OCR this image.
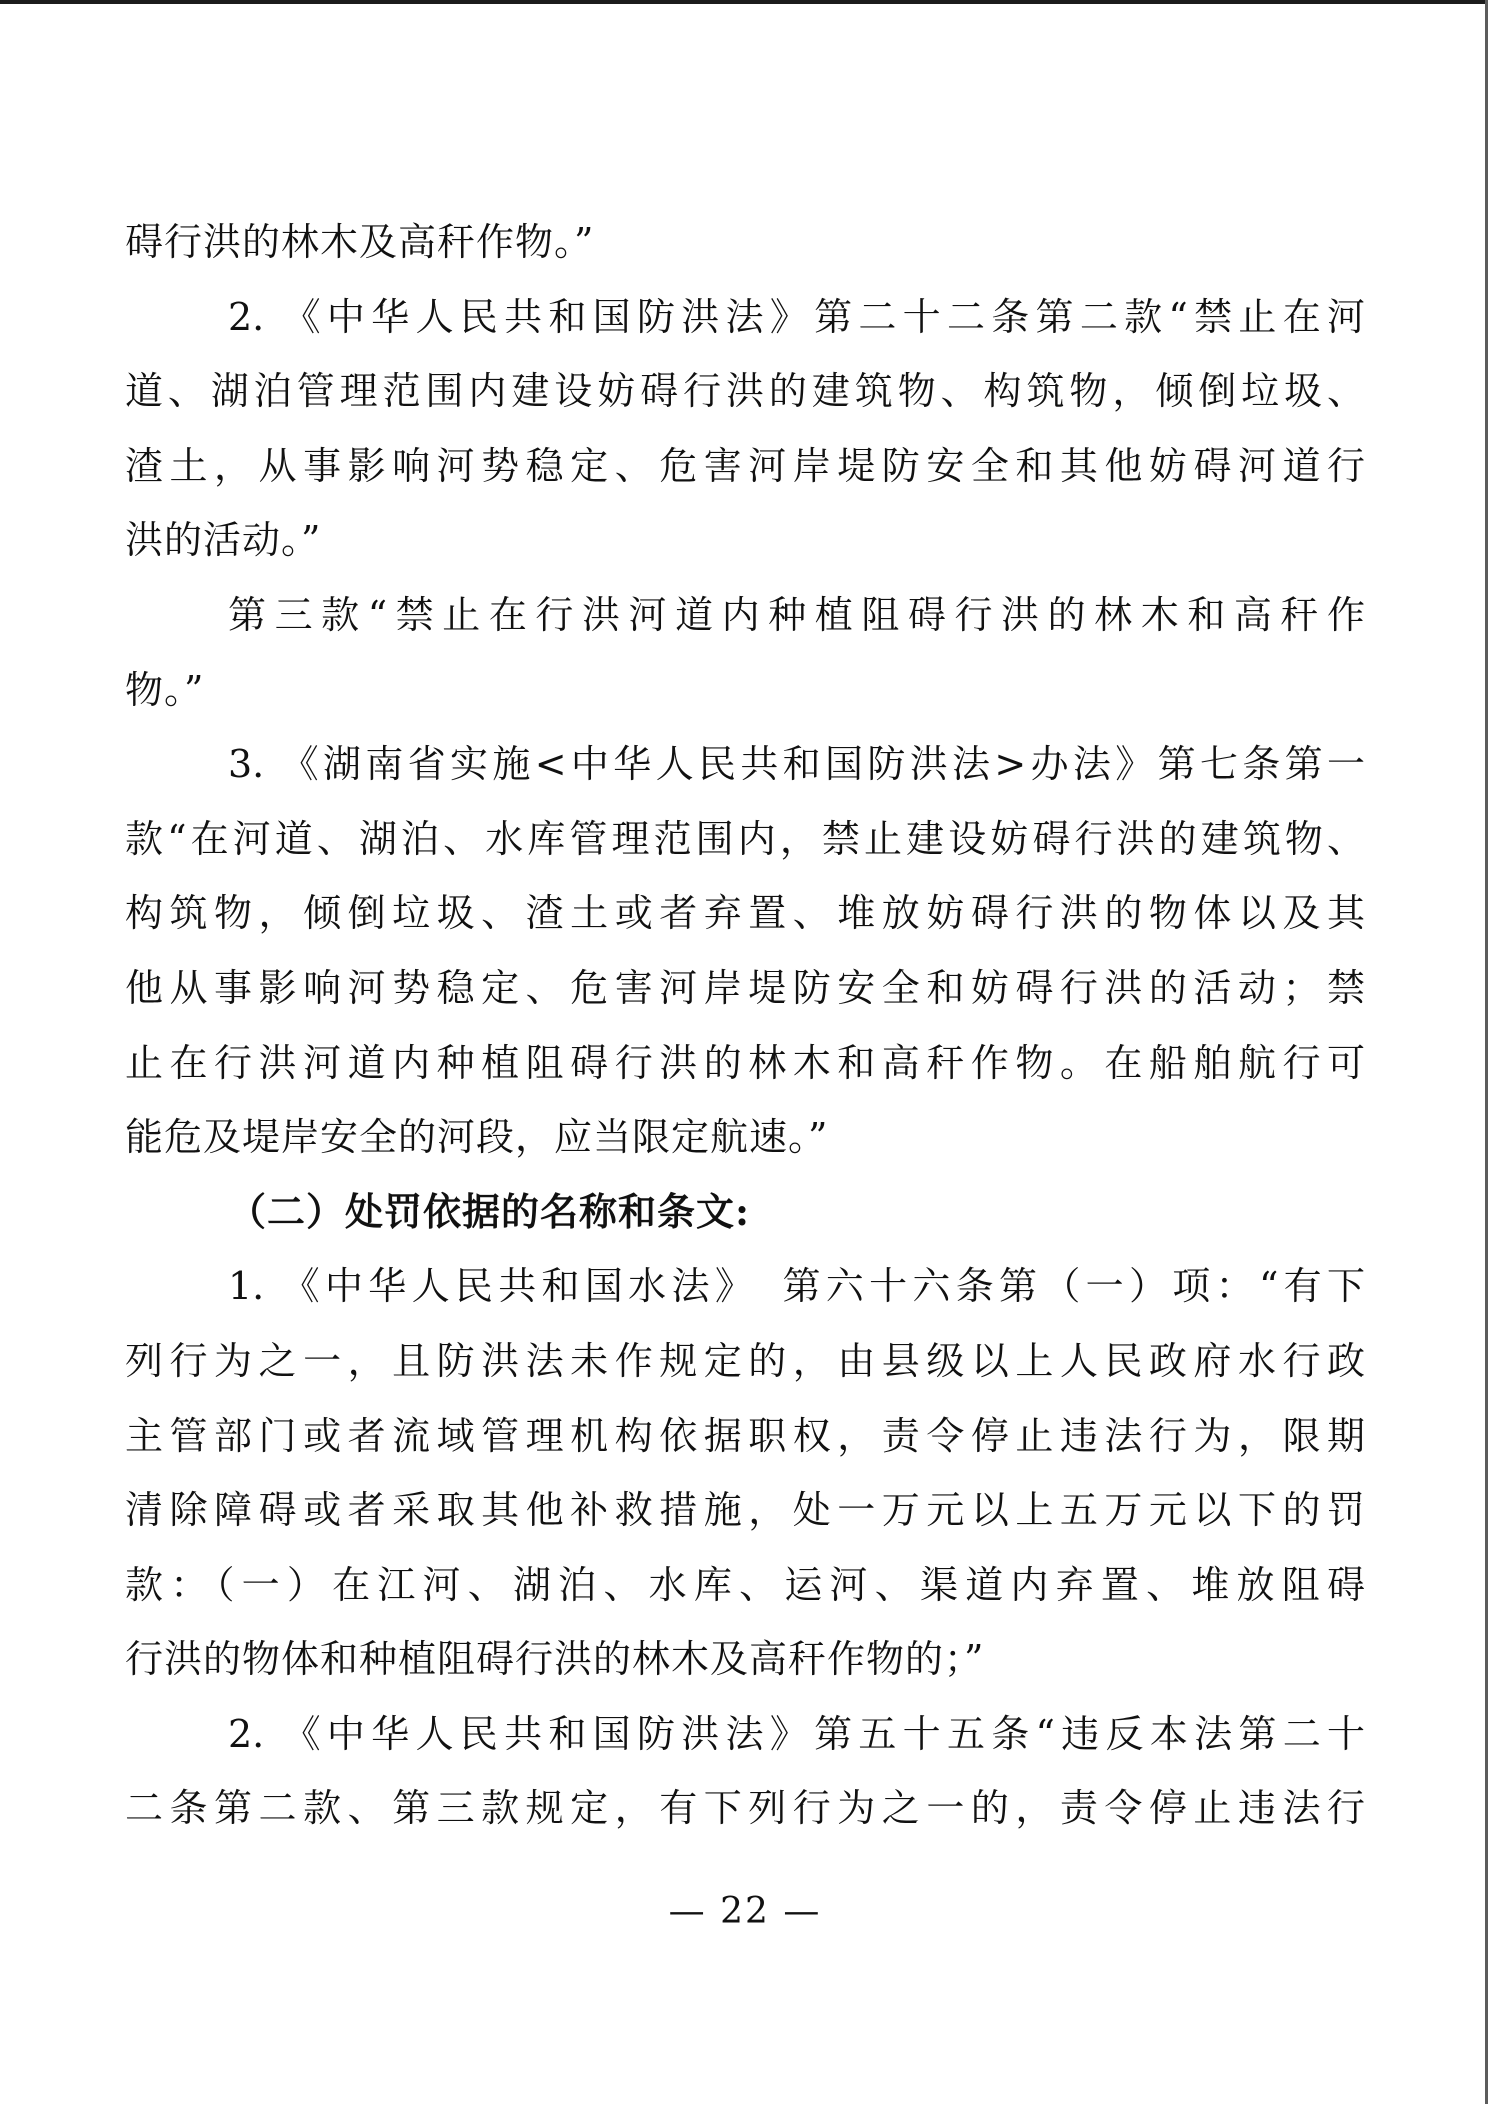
碍行洪的林木及高秆作物。”
2. 《中华人民共和国防洪法》第二十二条第二款“禁止在河
道、湖泊管理范围内建设妨碍行洪的建筑物、构筑物，倾倒垃圾、
渣土，从事影响河势稳定、危害河岸堤防安全和其他妨碍河道行
洪的活动。”
第三款“禁止在行洪河道内种植阻碍行洪的林木和高秆作
物。”
3. 《湖南省实施<中华人民共和国防洪法>办法》第七条第一
款“在河道、湖泊、水库管理范围内，禁止建设妨碍行洪的建筑物、
构筑物，倾倒垃圾、渣土或者弃置、堆放妨碍行洪的物体以及其
他从事影响河势稳定、危害河岸堤防安全和妨碍行洪的活动；禁
止在行洪河道内种植阻碍行洪的林木和高秆作物。在船舶航行可
能危及堤岸安全的河段，应当限定航速。”
（二）处罚依据的名称和条文:
1. 《中华人民共和国水法》　第六十六条第（一）项：“有下
列行为之一，且防洪法未作规定的，由县级以上人民政府水行政
主管部门或者流域管理机构依据职权，责令停止违法行为，限期
清除障碍或者采取其他补救措施，处一万元以上五万元以下的罚
款：（一）在江河、湖泊、水库、运河、渠道内弃置、堆放阻碍
行洪的物体和种植阻碍行洪的林木及高秆作物的；”
2. 《中华人民共和国防洪法》第五十五条“违反本法第二十
二条第二款、第三款规定，有下列行为之一的，责令停止违法行
— 22 —
